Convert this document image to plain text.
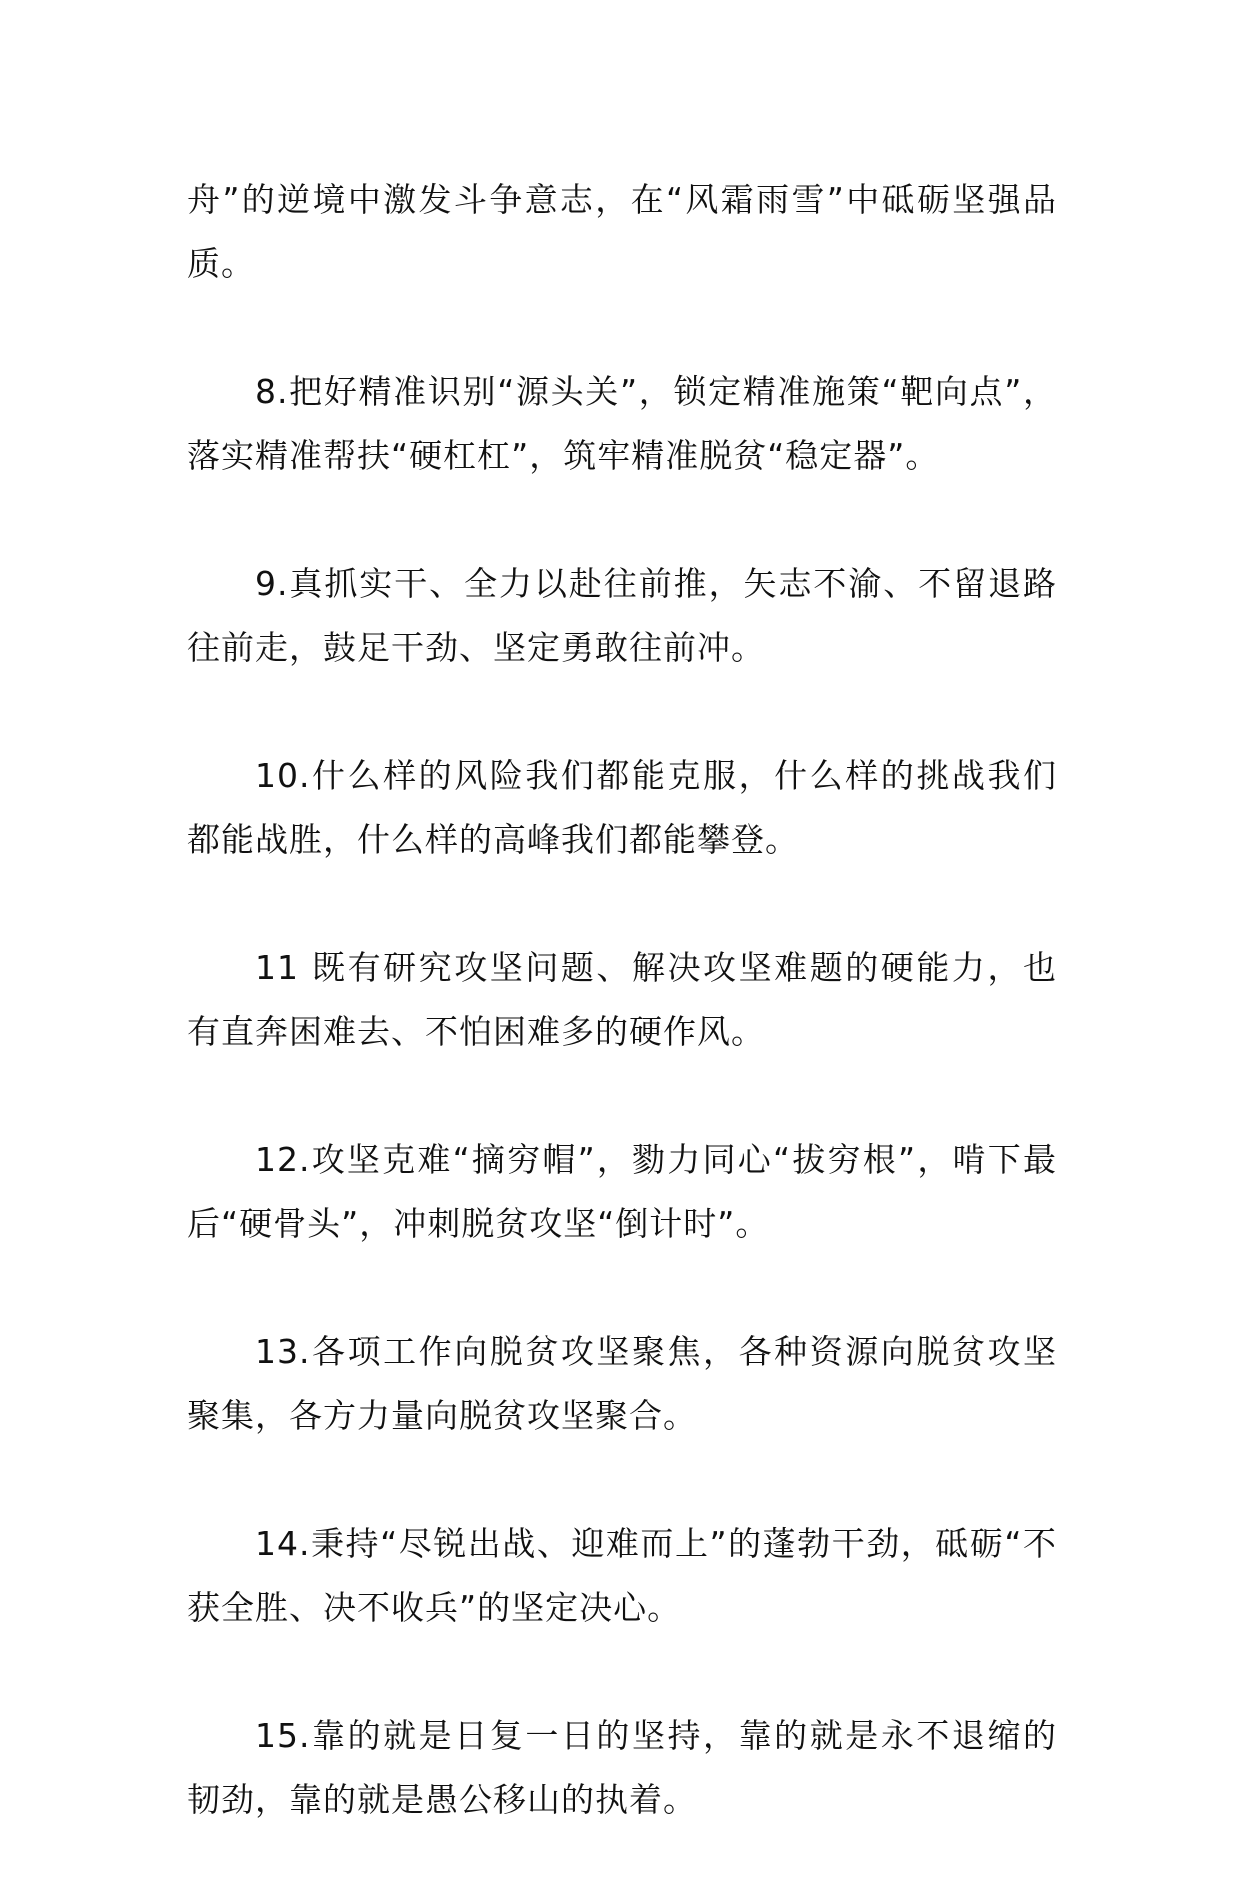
舟”的逆境中激发斗争意志，在“风霜雨雪”中砥砺坚强品质。

8.把好精准识别“源头关”，锁定精准施策“靶向点”，落实精准帮扶“硬杠杠”，筑牢精准脱贫“稳定器”。

9.真抓实干、全力以赴往前推，矢志不渝、不留退路往前走，鼓足干劲、坚定勇敢往前冲。

10.什么样的风险我们都能克服，什么样的挑战我们都能战胜，什么样的高峰我们都能攀登。

11 既有研究攻坚问题、解决攻坚难题的硬能力，也有直奔困难去、不怕困难多的硬作风。

12.攻坚克难“摘穷帽”，勠力同心“拔穷根”，啃下最后“硬骨头”，冲刺脱贫攻坚“倒计时”。

13.各项工作向脱贫攻坚聚焦，各种资源向脱贫攻坚聚集，各方力量向脱贫攻坚聚合。

14.秉持“尽锐出战、迎难而上”的蓬勃干劲，砥砺“不获全胜、决不收兵”的坚定决心。

15.靠的就是日复一日的坚持，靠的就是永不退缩的韧劲，靠的就是愚公移山的执着。
